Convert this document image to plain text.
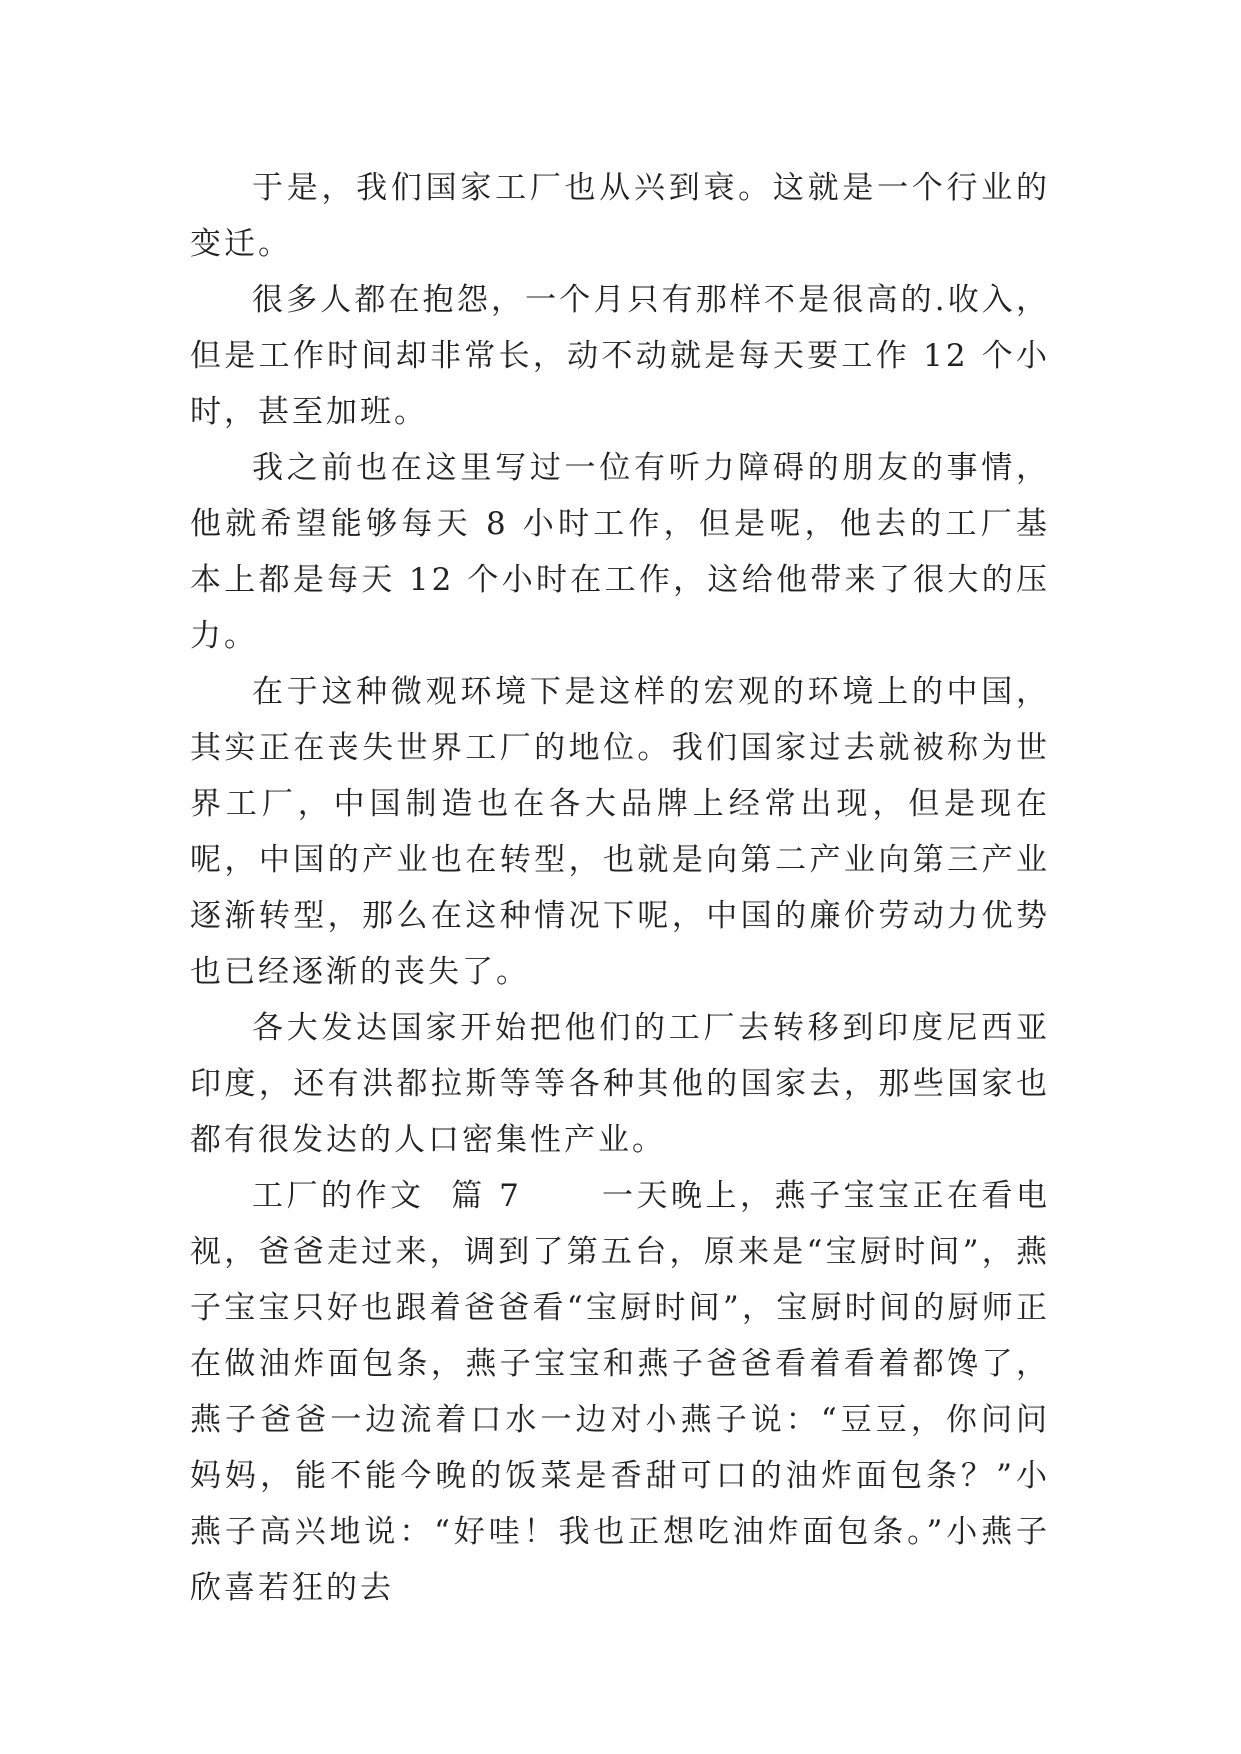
于是，我们国家工厂也从兴到衰。这就是一个行业的变迁。

很多人都在抱怨，一个月只有那样不是很高的.收入，但是工作时间却非常长，动不动就是每天要工作 12 个小时，甚至加班。

我之前也在这里写过一位有听力障碍的朋友的事情，他就希望能够每天 8 小时工作，但是呢，他去的工厂基本上都是每天 12 个小时在工作，这给他带来了很大的压力。

在于这种微观环境下是这样的宏观的环境上的中国，其实正在丧失世界工厂的地位。我们国家过去就被称为世界工厂，中国制造也在各大品牌上经常出现，但是现在呢，中国的产业也在转型，也就是向第二产业向第三产业逐渐转型，那么在这种情况下呢，中国的廉价劳动力优势也已经逐渐的丧失了。

各大发达国家开始把他们的工厂去转移到印度尼西亚印度，还有洪都拉斯等等各种其他的国家去，那些国家也都有很发达的人口密集性产业。

工厂的作文  篇 7      一天晚上，燕子宝宝正在看电视，爸爸走过来，调到了第五台，原来是“宝厨时间”，燕子宝宝只好也跟着爸爸看“宝厨时间”，宝厨时间的厨师正在做油炸面包条，燕子宝宝和燕子爸爸看着看着都馋了，燕子爸爸一边流着口水一边对小燕子说：“豆豆，你问问妈妈，能不能今晚的饭菜是香甜可口的油炸面包条？”小燕子高兴地说：“好哇！我也正想吃油炸面包条。”小燕子欣喜若狂的去
